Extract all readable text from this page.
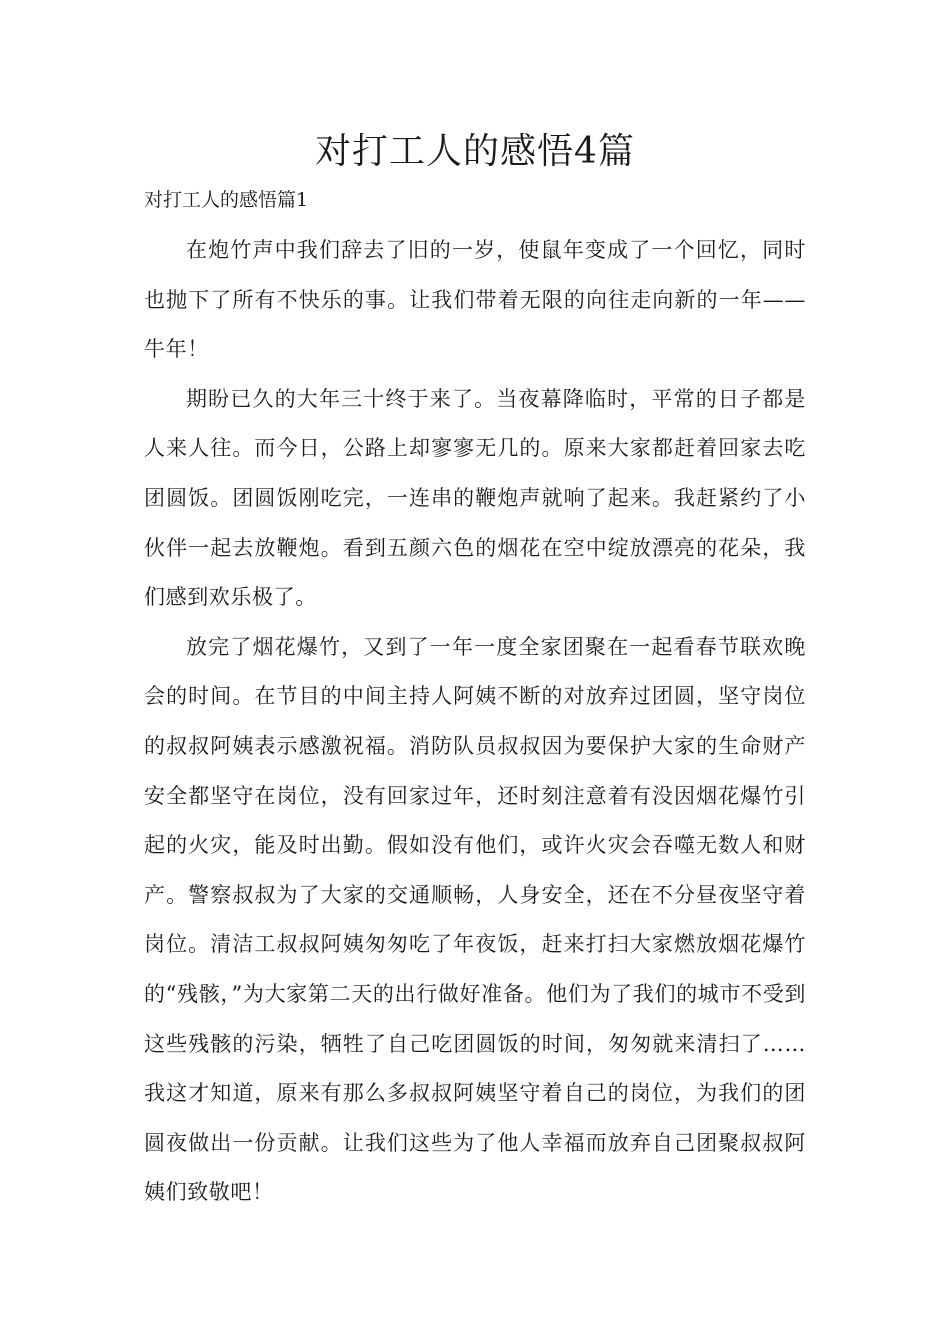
对打工人的感悟4篇

对打工人的感悟篇1

在炮竹声中我们辞去了旧的一岁，使鼠年变成了一个回忆，同时也抛下了所有不快乐的事。让我们带着无限的向往走向新的一年——牛年！

期盼已久的大年三十终于来了。当夜幕降临时，平常的日子都是人来人往。而今日，公路上却寥寥无几的。原来大家都赶着回家去吃团圆饭。团圆饭刚吃完，一连串的鞭炮声就响了起来。我赶紧约了小伙伴一起去放鞭炮。看到五颜六色的烟花在空中绽放漂亮的花朵，我们感到欢乐极了。

放完了烟花爆竹，又到了一年一度全家团聚在一起看春节联欢晚会的时间。在节目的中间主持人阿姨不断的对放弃过团圆，坚守岗位的叔叔阿姨表示感激祝福。消防队员叔叔因为要保护大家的生命财产安全都坚守在岗位，没有回家过年，还时刻注意着有没因烟花爆竹引起的火灾，能及时出勤。假如没有他们，或许火灾会吞噬无数人和财产。警察叔叔为了大家的交通顺畅，人身安全，还在不分昼夜坚守着岗位。清洁工叔叔阿姨匆匆吃了年夜饭，赶来打扫大家燃放烟花爆竹的“残骸，”为大家第二天的出行做好准备。他们为了我们的城市不受到这些残骸的污染，牺牲了自己吃团圆饭的时间，匆匆就来清扫了……我这才知道，原来有那么多叔叔阿姨坚守着自己的岗位，为我们的团圆夜做出一份贡献。让我们这些为了他人幸福而放弃自己团聚叔叔阿姨们致敬吧！
